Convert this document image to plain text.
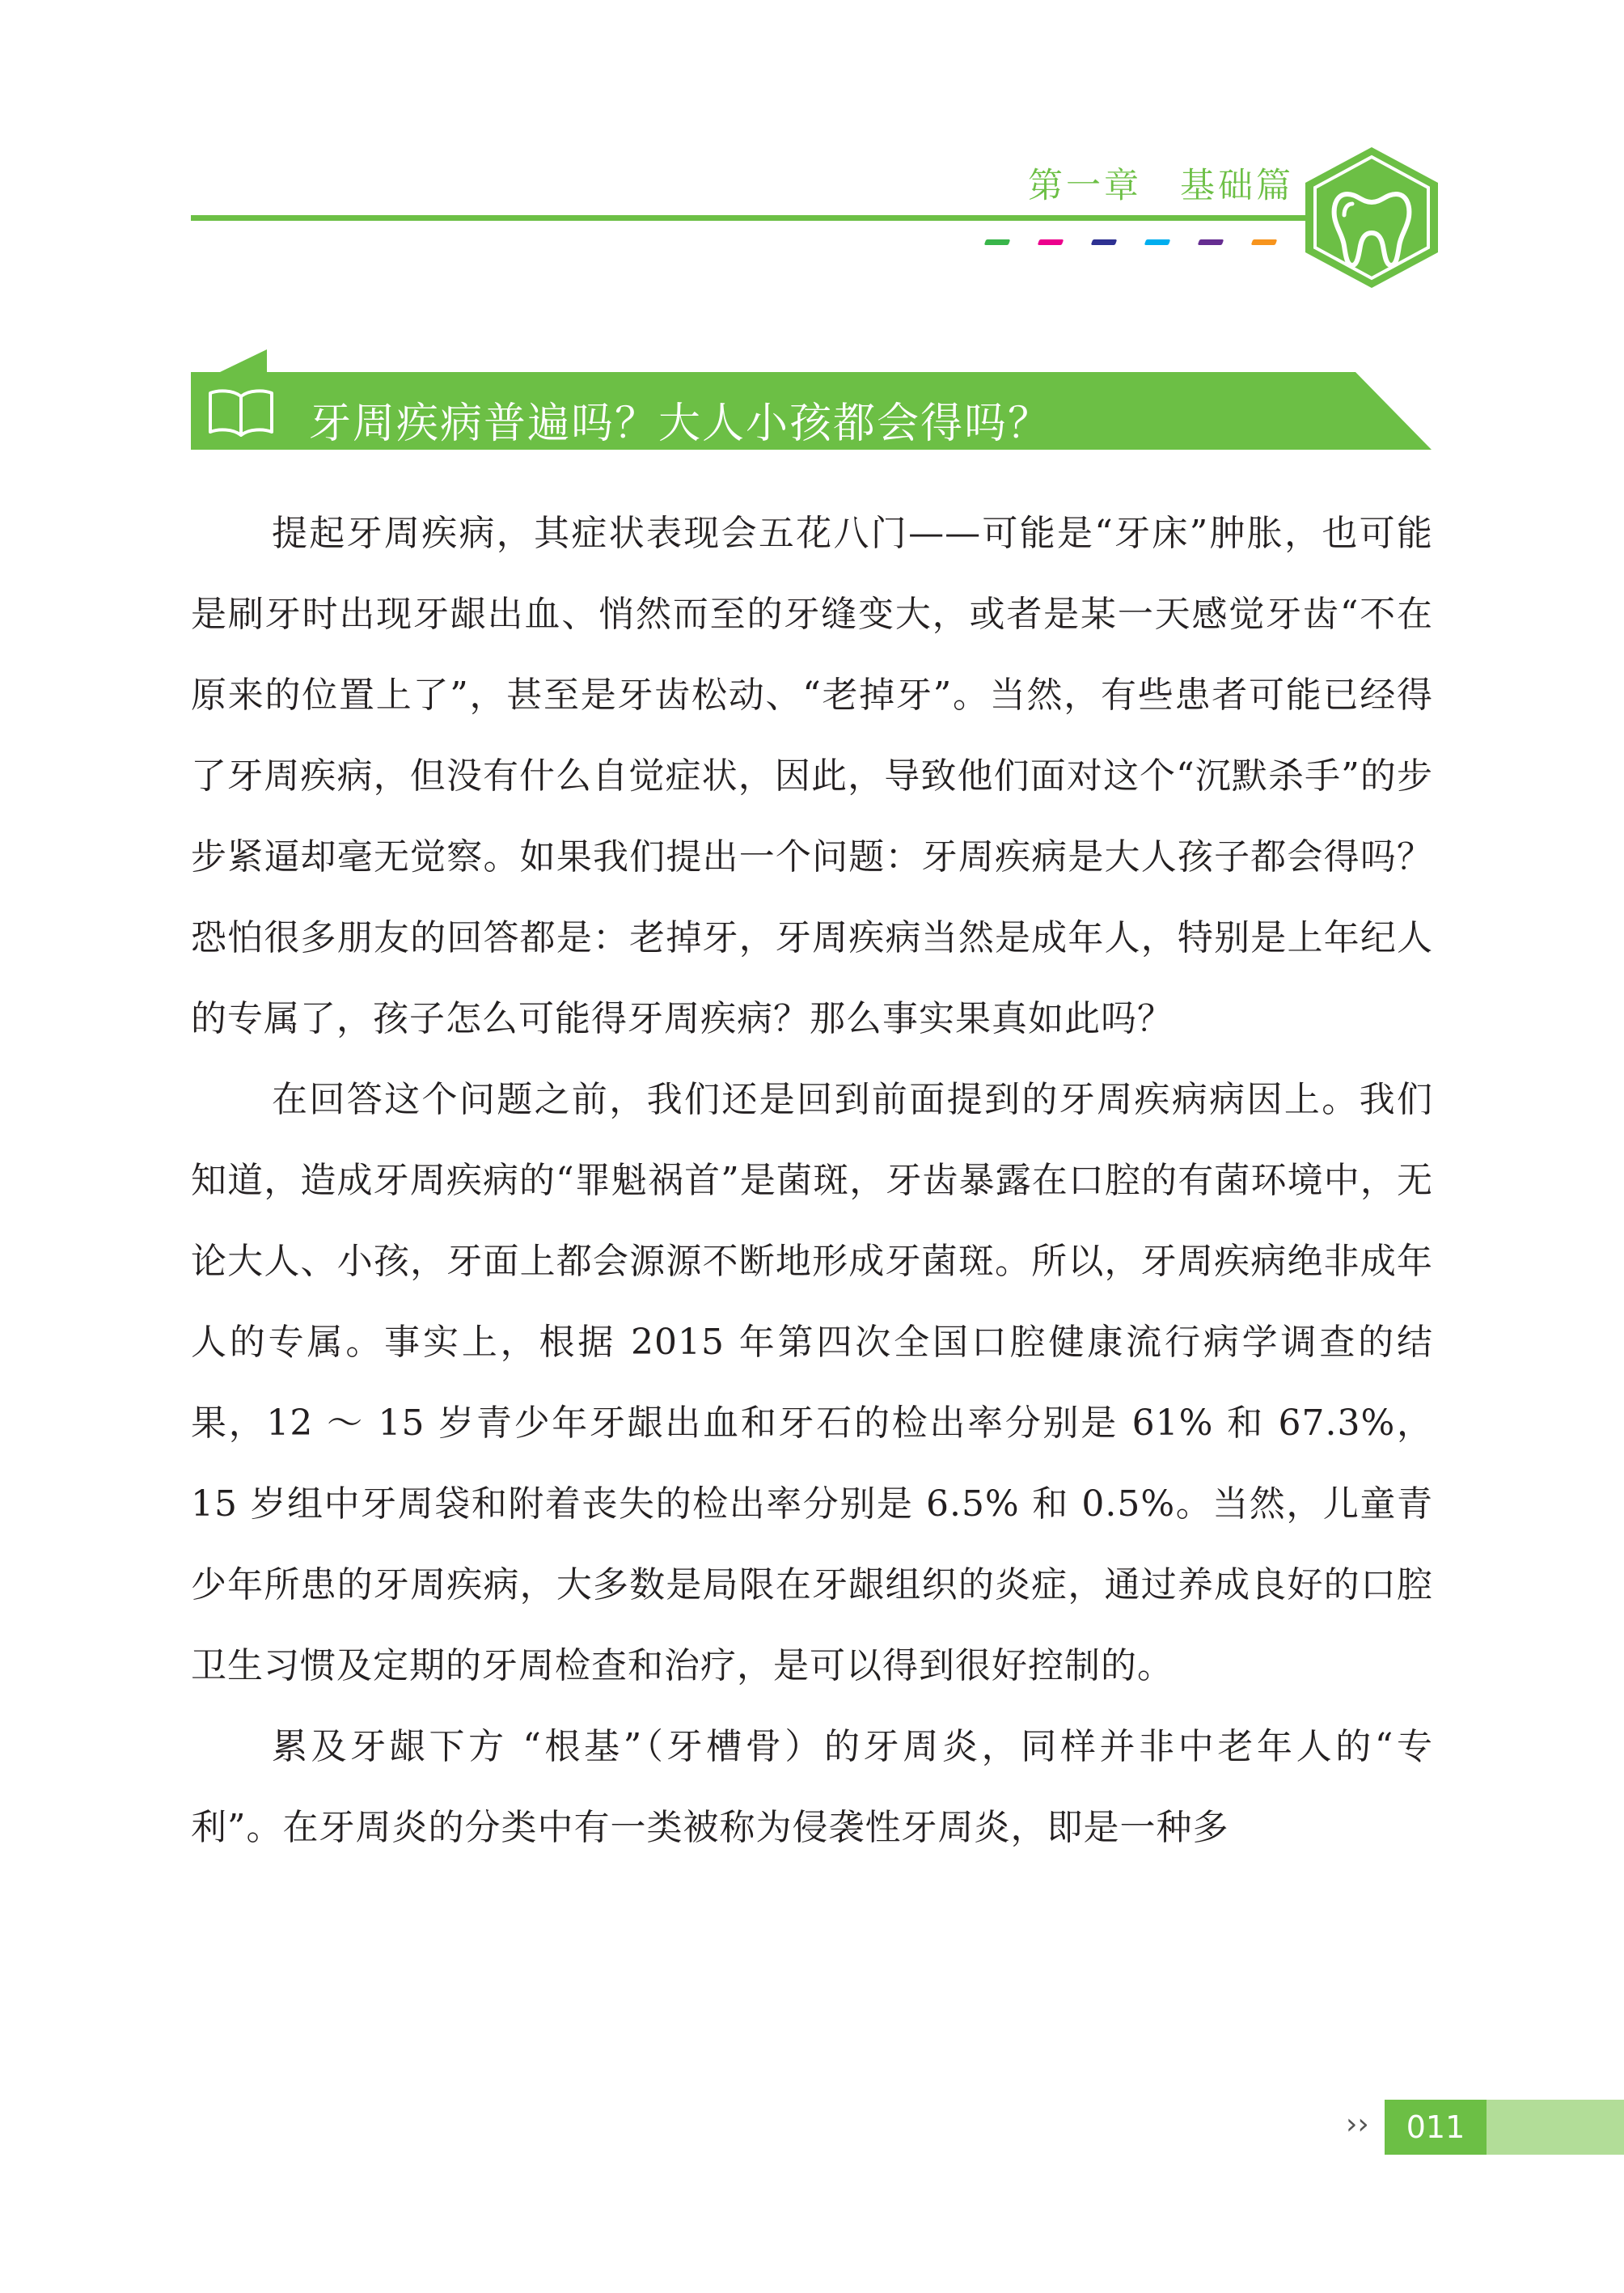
第一章　基础篇
牙周疾病普遍吗？大人小孩都会得吗？

提起牙周疾病，其症状表现会五花八门——可能是“牙床”肿胀，也可能是刷牙时出现牙龈出血、悄然而至的牙缝变大，或者是某一天感觉牙齿“不在原来的位置上了”，甚至是牙齿松动、“老掉牙”。当然，有些患者可能已经得了牙周疾病，但没有什么自觉症状，因此，导致他们面对这个“沉默杀手”的步步紧逼却毫无觉察。如果我们提出一个问题：牙周疾病是大人孩子都会得吗？恐怕很多朋友的回答都是：老掉牙，牙周疾病当然是成年人，特别是上年纪人的专属了，孩子怎么可能得牙周疾病？那么事实果真如此吗？

在回答这个问题之前，我们还是回到前面提到的牙周疾病病因上。我们知道，造成牙周疾病的“罪魁祸首”是菌斑，牙齿暴露在口腔的有菌环境中，无论大人、小孩，牙面上都会源源不断地形成牙菌斑。所以，牙周疾病绝非成年人的专属。事实上，根据 2015 年第四次全国口腔健康流行病学调查的结果，12 ～ 15 岁青少年牙龈出血和牙石的检出率分别是 61% 和 67.3%，15 岁组中牙周袋和附着丧失的检出率分别是 6.5% 和 0.5%。当然，儿童青少年所患的牙周疾病，大多数是局限在牙龈组织的炎症，通过养成良好的口腔卫生习惯及定期的牙周检查和治疗，是可以得到很好控制的。

累及牙龈下方 “根基”（牙槽骨）的牙周炎，同样并非中老年人的“专利”。在牙周炎的分类中有一类被称为侵袭性牙周炎，即是一种多

››	011
